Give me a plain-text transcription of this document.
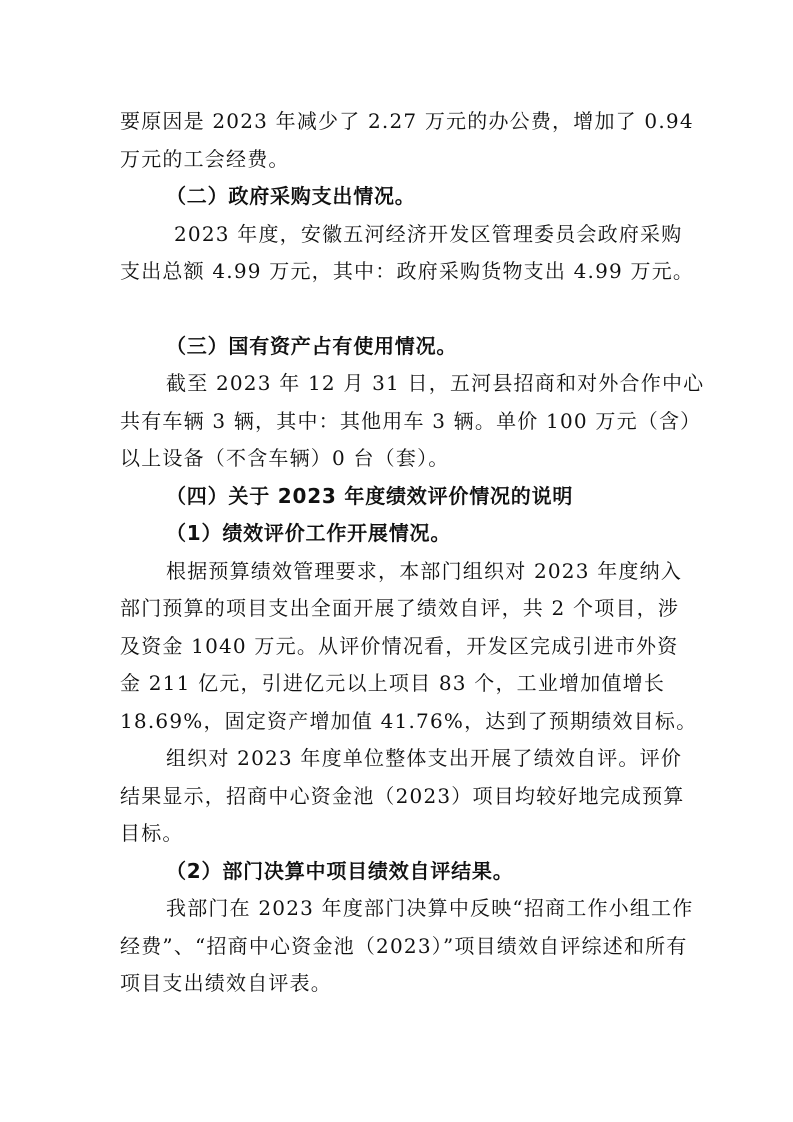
要原因是 2023 年减少了 2.27 万元的办公费，增加了 0.94
万元的工会经费。
（二）政府采购支出情况。
2023 年度，安徽五河经济开发区管理委员会政府采购
支出总额 4.99 万元，其中：政府采购货物支出 4.99 万元。
（三）国有资产占有使用情况。
截至 2023 年 12 月 31 日，五河县招商和对外合作中心
共有车辆 3 辆，其中：其他用车 3 辆。单价 100 万元（含）
以上设备（不含车辆）0 台（套）。
（四）关于 2023 年度绩效评价情况的说明
（1）绩效评价工作开展情况。
根据预算绩效管理要求，本部门组织对 2023 年度纳入
部门预算的项目支出全面开展了绩效自评，共 2 个项目，涉
及资金 1040 万元。从评价情况看，开发区完成引进市外资
金 211 亿元，引进亿元以上项目 83 个，工业增加值增长
18.69%，固定资产增加值 41.76%，达到了预期绩效目标。
组织对 2023 年度单位整体支出开展了绩效自评。评价
结果显示，招商中心资金池（2023）项目均较好地完成预算
目标。
（2）部门决算中项目绩效自评结果。
我部门在 2023 年度部门决算中反映“招商工作小组工作
经费”、“招商中心资金池（2023）”项目绩效自评综述和所有
项目支出绩效自评表。
